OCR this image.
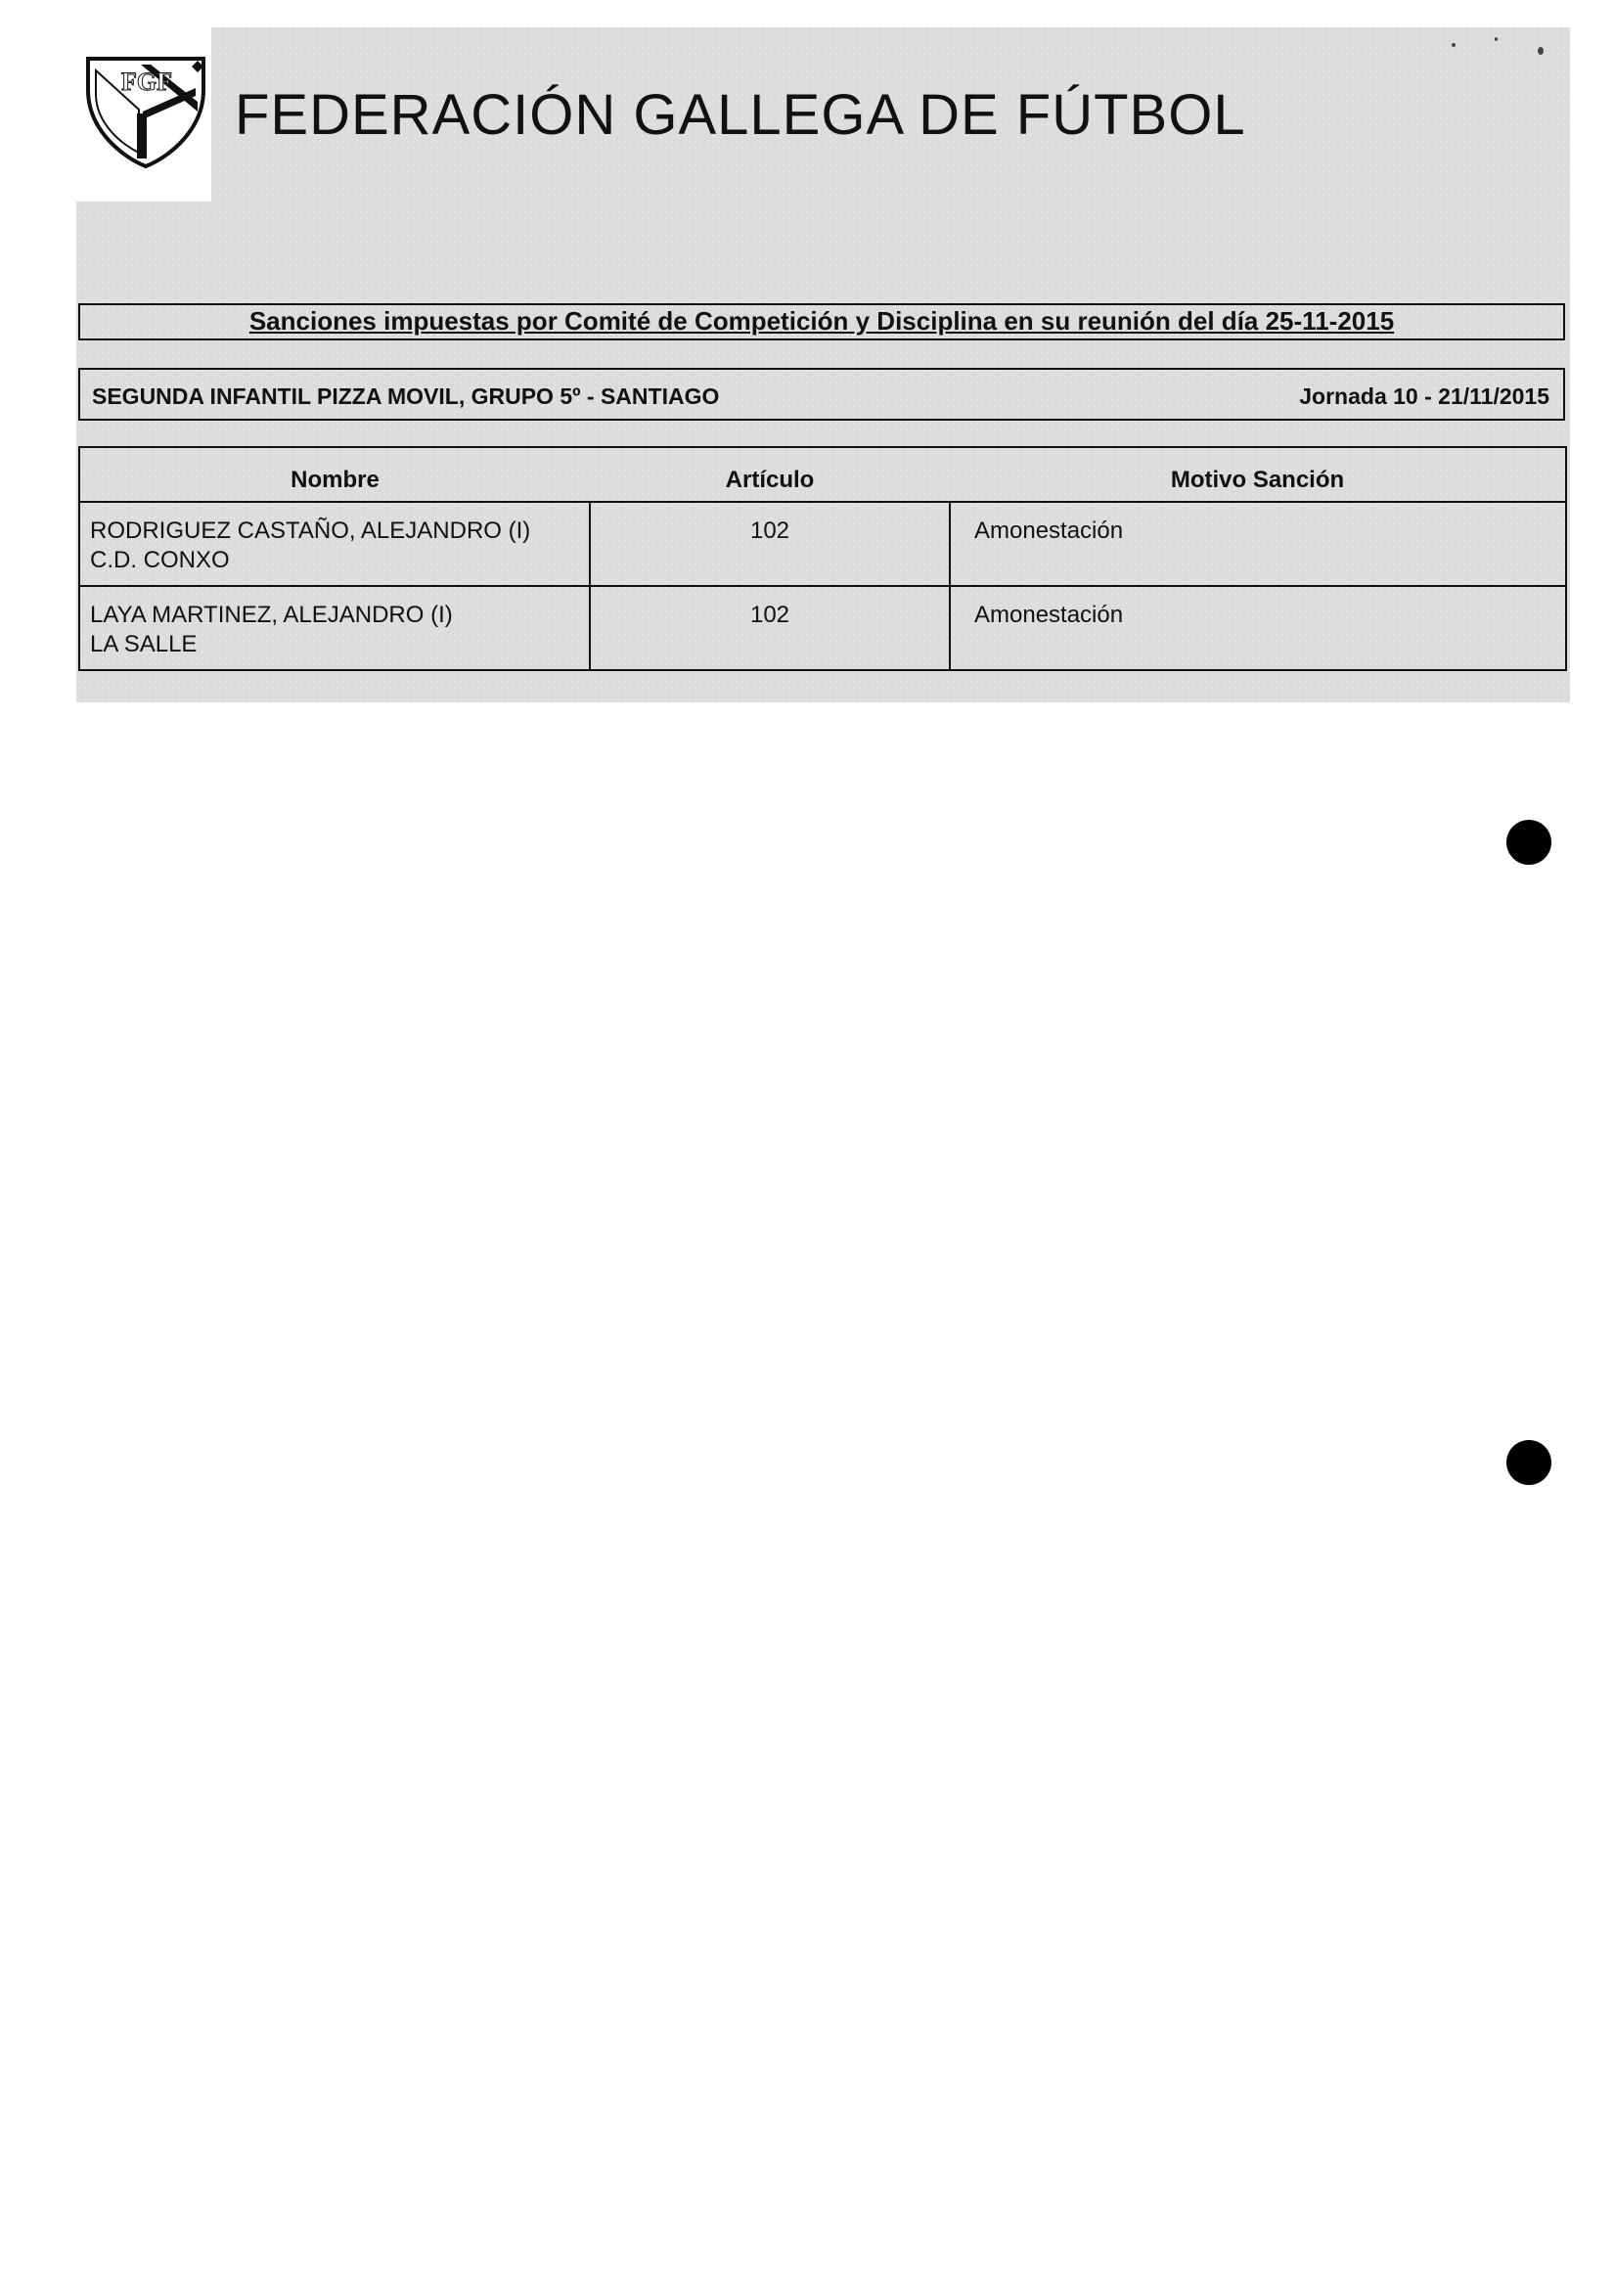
FGF
FEDERACIÓN GALLEGA DE FÚTBOL
Sanciones impuestas por Comité de Competición y Disciplina en su reunión del día 25-11-2015
SEGUNDA INFANTIL PIZZA MOVIL, GRUPO 5º - SANTIAGO	Jornada 10 - 21/11/2015
Nombre	Artículo	Motivo Sanción
RODRIGUEZ CASTAÑO, ALEJANDRO (I)
C.D. CONXO	102	Amonestación
LAYA MARTINEZ, ALEJANDRO (I)
LA SALLE	102	Amonestación
